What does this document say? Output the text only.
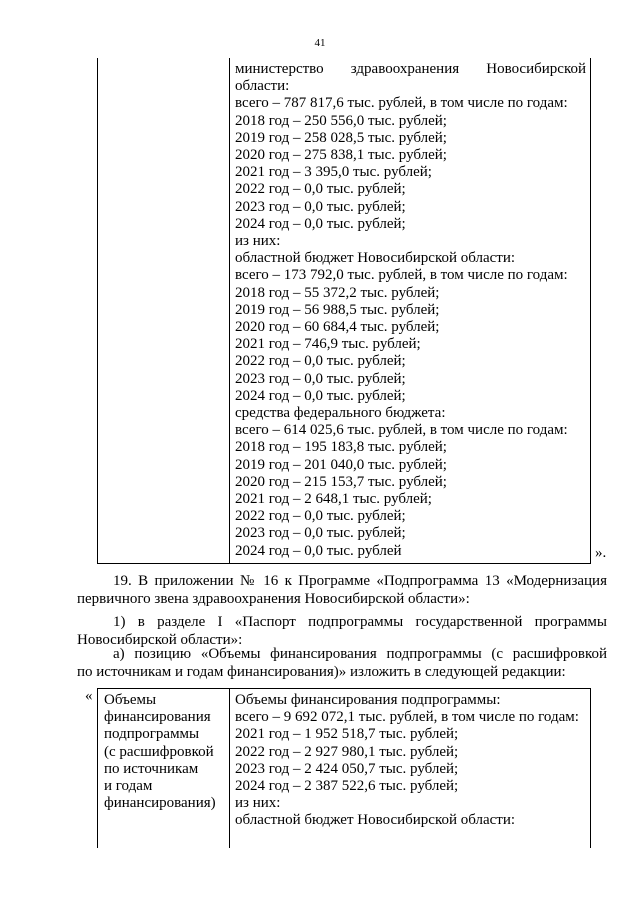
41
министерство здравоохранения Новосибирской
области:
всего – 787 817,6 тыс. рублей, в том числе по годам:
2018 год – 250 556,0 тыс. рублей;
2019 год – 258 028,5 тыс. рублей;
2020 год – 275 838,1 тыс. рублей;
2021 год – 3 395,0 тыс. рублей;
2022 год – 0,0 тыс. рублей;
2023 год – 0,0 тыс. рублей;
2024 год – 0,0 тыс. рублей;
из них:
областной бюджет Новосибирской области:
всего – 173 792,0 тыс. рублей, в том числе по годам:
2018 год – 55 372,2 тыс. рублей;
2019 год – 56 988,5 тыс. рублей;
2020 год – 60 684,4 тыс. рублей;
2021 год – 746,9 тыс. рублей;
2022 год – 0,0 тыс. рублей;
2023 год – 0,0 тыс. рублей;
2024 год – 0,0 тыс. рублей;
средства федерального бюджета:
всего – 614 025,6 тыс. рублей, в том числе по годам:
2018 год – 195 183,8 тыс. рублей;
2019 год – 201 040,0 тыс. рублей;
2020 год – 215 153,7 тыс. рублей;
2021 год – 2 648,1 тыс. рублей;
2022 год – 0,0 тыс. рублей;
2023 год – 0,0 тыс. рублей;
2024 год – 0,0 тыс. рублей	».
19. В приложении № 16 к Программе «Подпрограмма 13 «Модернизация
первичного звена здравоохранения Новосибирской области»:
1) в разделе I «Паспорт подпрограммы государственной программы
Новосибирской области»:
а) позицию «Объемы финансирования подпрограммы (с расшифровкой
по источникам и годам финансирования)» изложить в следующей редакции:
« Объемы
финансирования
подпрограммы
(с расшифровкой
по источникам
и годам
финансирования)
Объемы финансирования подпрограммы:
всего – 9 692 072,1 тыс. рублей, в том числе по годам:
2021 год – 1 952 518,7 тыс. рублей;
2022 год – 2 927 980,1 тыс. рублей;
2023 год – 2 424 050,7 тыс. рублей;
2024 год – 2 387 522,6 тыс. рублей;
из них:
областной бюджет Новосибирской области:
